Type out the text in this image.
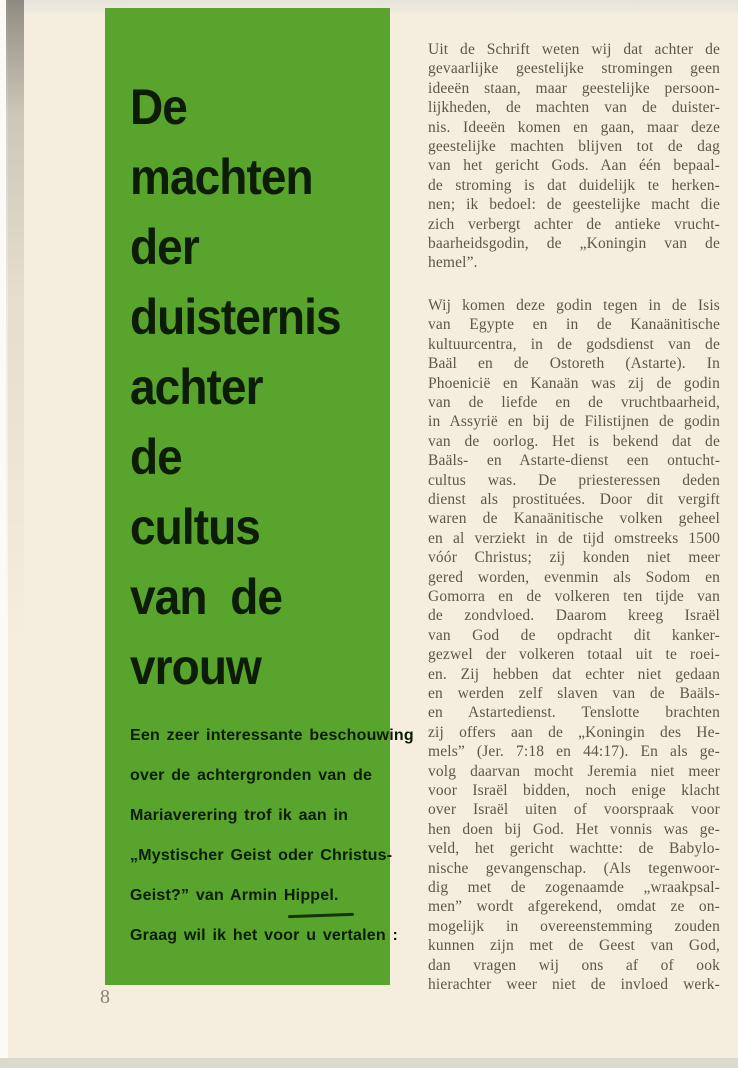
De
machten
der
duisternis
achter
de
cultus
van  de
vrouw
Een zeer interessante beschouwing
over de achtergronden van de
Mariaverering trof ik aan in
„Mystischer Geist oder Christus-
Geist?” van Armin Hippel.
Graag wil ik het voor u vertalen :
Uit de Schrift weten wij dat achter de
gevaarlijke geestelijke stromingen geen
ideeën staan, maar geestelijke persoon-
lijkheden, de machten van de duister-
nis. Ideeën komen en gaan, maar deze
geestelijke machten blijven tot de dag
van het gericht Gods. Aan één bepaal-
de stroming is dat duidelijk te herken-
nen; ik bedoel: de geestelijke macht die
zich verbergt achter de antieke vrucht-
baarheidsgodin, de „Koningin van de
hemel”.
Wij komen deze godin tegen in de Isis
van Egypte en in de Kanaänitische
kultuurcentra, in de godsdienst van de
Baäl en de Ostoreth (Astarte). In
Phoenicië en Kanaän was zij de godin
van de liefde en de vruchtbaarheid,
in Assyrië en bij de Filistijnen de godin
van de oorlog. Het is bekend dat de
Baäls- en Astarte-dienst een ontucht-
cultus was. De priesteressen deden
dienst als prostituées. Door dit vergift
waren de Kanaänitische volken geheel
en al verziekt in de tijd omstreeks 1500
vóór Christus; zij konden niet meer
gered worden, evenmin als Sodom en
Gomorra en de volkeren ten tijde van
de zondvloed. Daarom kreeg Israël
van God de opdracht dit kanker-
gezwel der volkeren totaal uit te roei-
en. Zij hebben dat echter niet gedaan
en werden zelf slaven van de Baäls-
en Astartedienst. Tenslotte brachten
zij offers aan de „Koningin des He-
mels” (Jer. 7:18 en 44:17). En als ge-
volg daarvan mocht Jeremia niet meer
voor Israël bidden, noch enige klacht
over Israël uiten of voorspraak voor
hen doen bij God. Het vonnis was ge-
veld, het gericht wachtte: de Babylo-
nische gevangenschap. (Als tegenwoor-
dig met de zogenaamde „wraakpsal-
men” wordt afgerekend, omdat ze on-
mogelijk in overeenstemming zouden
kunnen zijn met de Geest van God,
dan vragen wij ons af of ook
hierachter weer niet de invloed werk-
8
